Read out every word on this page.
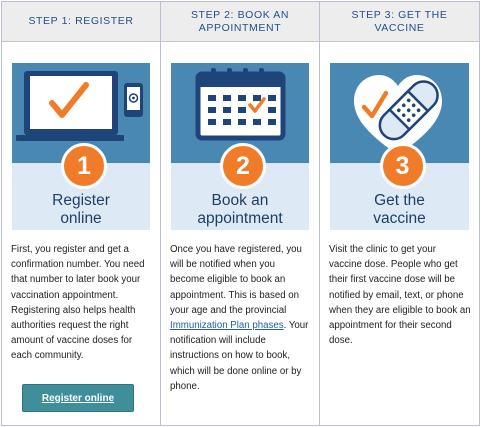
STEP 1: REGISTER
1
Register
online
First, you register and get a confirmation number. You need that number to later book your vaccination appointment. Registering also helps health authorities request the right amount of vaccine doses for each community.
Register online
STEP 2: BOOK AN
APPOINTMENT
2
Book an
appointment
Once you have registered, you will be notified when you become eligible to book an appointment. This is based on your age and the provincial Immunization Plan phases. Your notification will include instructions on how to book, which will be done online or by phone.
STEP 3: GET THE VACCINE
3
Get the
vaccine
Visit the clinic to get your vaccine dose. People who get their first vaccine dose will be notified by email, text, or phone when they are eligible to book an appointment for their second dose.
